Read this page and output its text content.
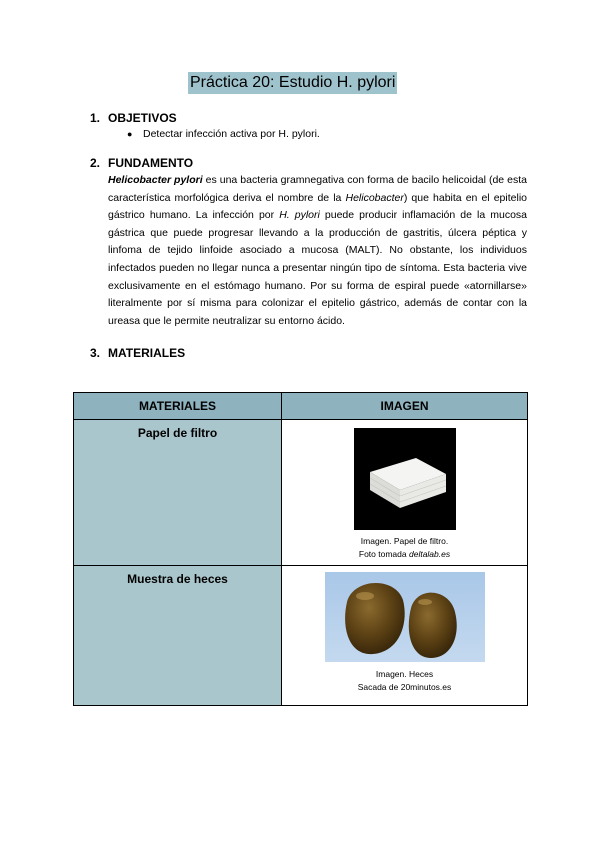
Práctica 20: Estudio H. pylori
1. OBJETIVOS
● Detectar infección activa por H. pylori.
2. FUNDAMENTO
Helicobacter pylori es una bacteria gramnegativa con forma de bacilo helicoidal (de esta característica morfológica deriva el nombre de la Helicobacter) que habita en el epitelio gástrico humano. La infección por H. pylori puede producir inflamación de la mucosa gástrica que puede progresar llevando a la producción de gastritis, úlcera péptica y linfoma de tejido linfoide asociado a mucosa (MALT). No obstante, los individuos infectados pueden no llegar nunca a presentar ningún tipo de síntoma. Esta bacteria vive exclusivamente en el estómago humano. Por su forma de espiral puede «atornillarse» literalmente por sí misma para colonizar el epitelio gástrico, además de contar con la ureasa que le permite neutralizar su entorno ácido.
3. MATERIALES
MATERIALES	IMAGEN
Papel de filtro	Imagen. Papel de filtro.
Foto tomada deltalab.es

Muestra de heces	Imagen. Heces
Sacada de 20minutos.es
